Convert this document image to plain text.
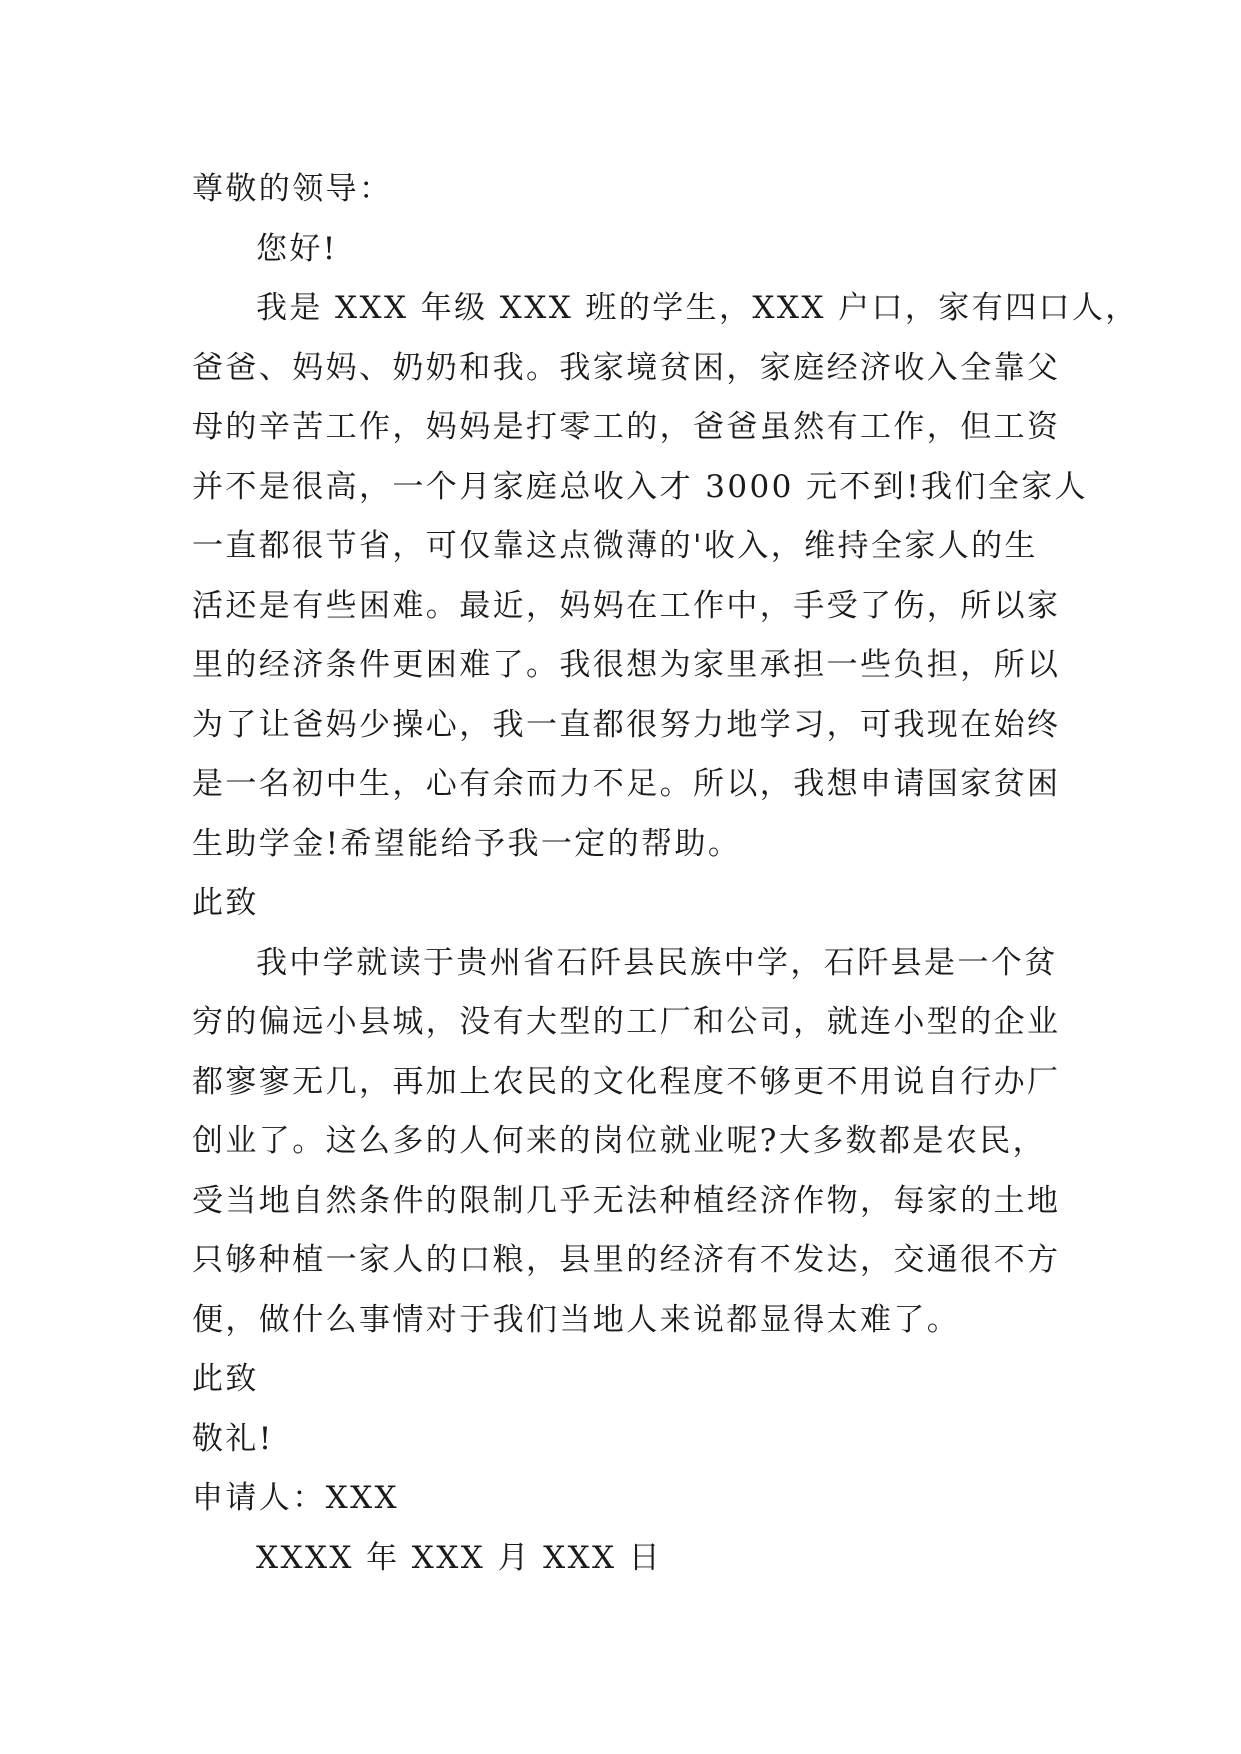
尊敬的领导：
您好!
我是 XXX 年级 XXX 班的学生，XXX 户口，家有四口人，
爸爸、妈妈、奶奶和我。我家境贫困，家庭经济收入全靠父
母的辛苦工作，妈妈是打零工的，爸爸虽然有工作，但工资
并不是很高，一个月家庭总收入才 3000 元不到!我们全家人
一直都很节省，可仅靠这点微薄的'收入，维持全家人的生
活还是有些困难。最近，妈妈在工作中，手受了伤，所以家
里的经济条件更困难了。我很想为家里承担一些负担，所以
为了让爸妈少操心，我一直都很努力地学习，可我现在始终
是一名初中生，心有余而力不足。所以，我想申请国家贫困
生助学金!希望能给予我一定的帮助。
此致
我中学就读于贵州省石阡县民族中学，石阡县是一个贫
穷的偏远小县城，没有大型的工厂和公司，就连小型的企业
都寥寥无几，再加上农民的文化程度不够更不用说自行办厂
创业了。这么多的人何来的岗位就业呢?大多数都是农民，
受当地自然条件的限制几乎无法种植经济作物，每家的土地
只够种植一家人的口粮，县里的经济有不发达，交通很不方
便，做什么事情对于我们当地人来说都显得太难了。
此致
敬礼!
申请人：XXX
XXXX 年 XXX 月 XXX 日
